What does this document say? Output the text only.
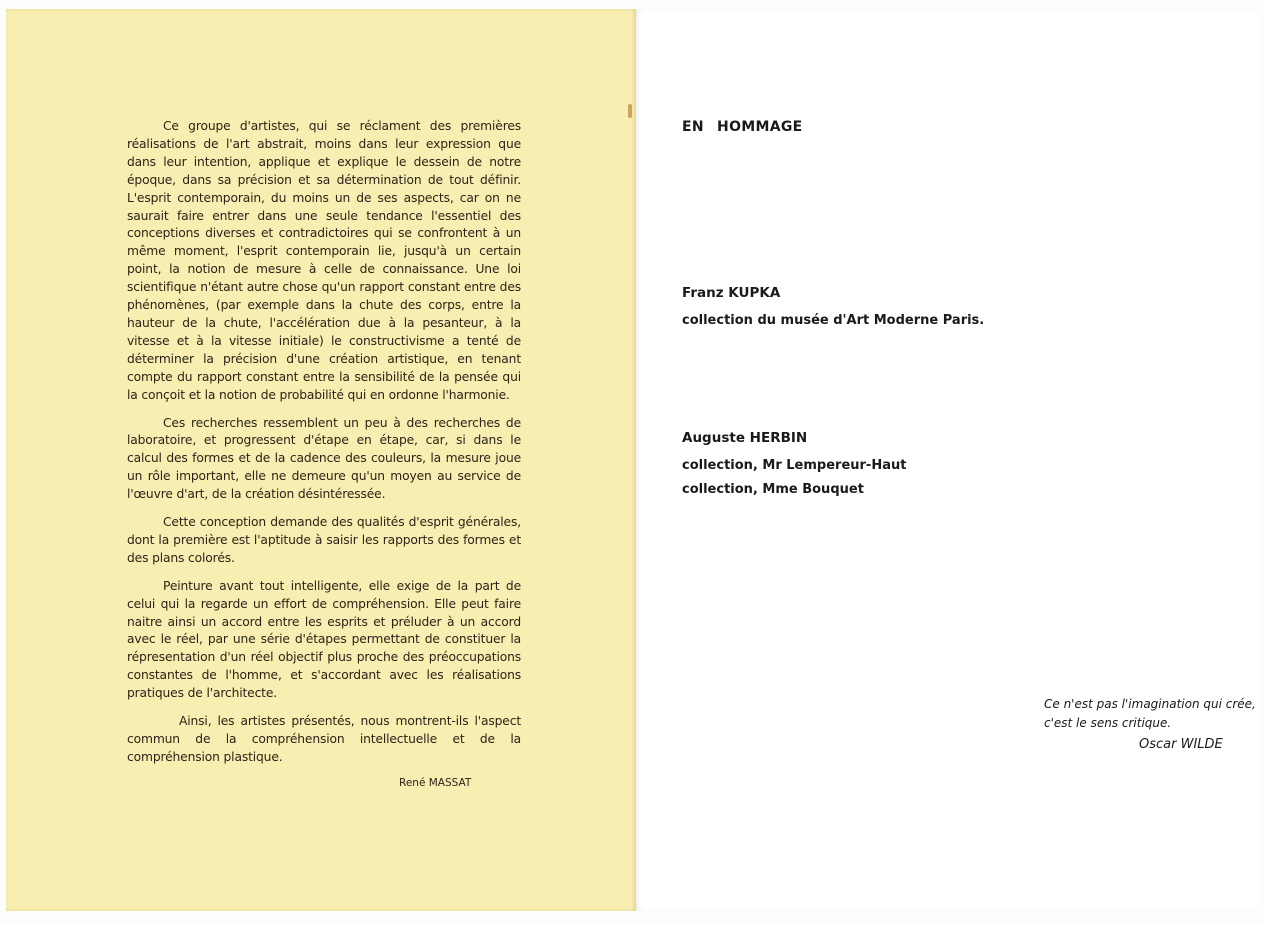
Ce groupe d'artistes, qui se réclament des premières réalisations de l'art abstrait, moins dans leur expression que dans leur intention, applique et explique le dessein de notre époque, dans sa précision et sa détermination de tout définir. L'esprit contemporain, du moins un de ses aspects, car on ne saurait faire entrer dans une seule tendance l'essentiel des conceptions diverses et contradictoires qui se confrontent à un même moment, l'esprit contemporain lie, jusqu'à un certain point, la notion de mesure à celle de connaissance. Une loi scientifique n'étant autre chose qu'un rapport constant entre des phénomènes, (par exemple dans la chute des corps, entre la hauteur de la chute, l'accélération due à la pesanteur, à la vitesse et à la vitesse initiale) le constructivisme a tenté de déterminer la précision d'une création artistique, en tenant compte du rapport constant entre la sensibilité de la pensée qui la conçoit et la notion de probabilité qui en ordonne l'harmonie.

Ces recherches ressemblent un peu à des recherches de laboratoire, et progressent d'étape en étape, car, si dans le calcul des formes et de la cadence des couleurs, la mesure joue un rôle important, elle ne demeure qu'un moyen au service de l'œuvre d'art, de la création désintéressée.

Cette conception demande des qualités d'esprit générales, dont la première est l'aptitude à saisir les rapports des formes et des plans colorés.

Peinture avant tout intelligente, elle exige de la part de celui qui la regarde un effort de compréhension. Elle peut faire naitre ainsi un accord entre les esprits et préluder à un accord avec le réel, par une série d'étapes permettant de constituer la répresentation d'un réel objectif plus proche des préoccupations constantes de l'homme, et s'accordant avec les réalisations pratiques de l'architecte.

Ainsi, les artistes présentés, nous montrent-ils l'aspect commun de la compréhension intellectuelle et de la compréhension plastique.

René MASSAT
EN HOMMAGE
Franz KUPKA
collection du musée d'Art Moderne Paris.
Auguste HERBIN
collection, Mr Lempereur-Haut
collection, Mme Bouquet
Ce n'est pas l'imagination qui crée,
c'est le sens critique.
Oscar WILDE
